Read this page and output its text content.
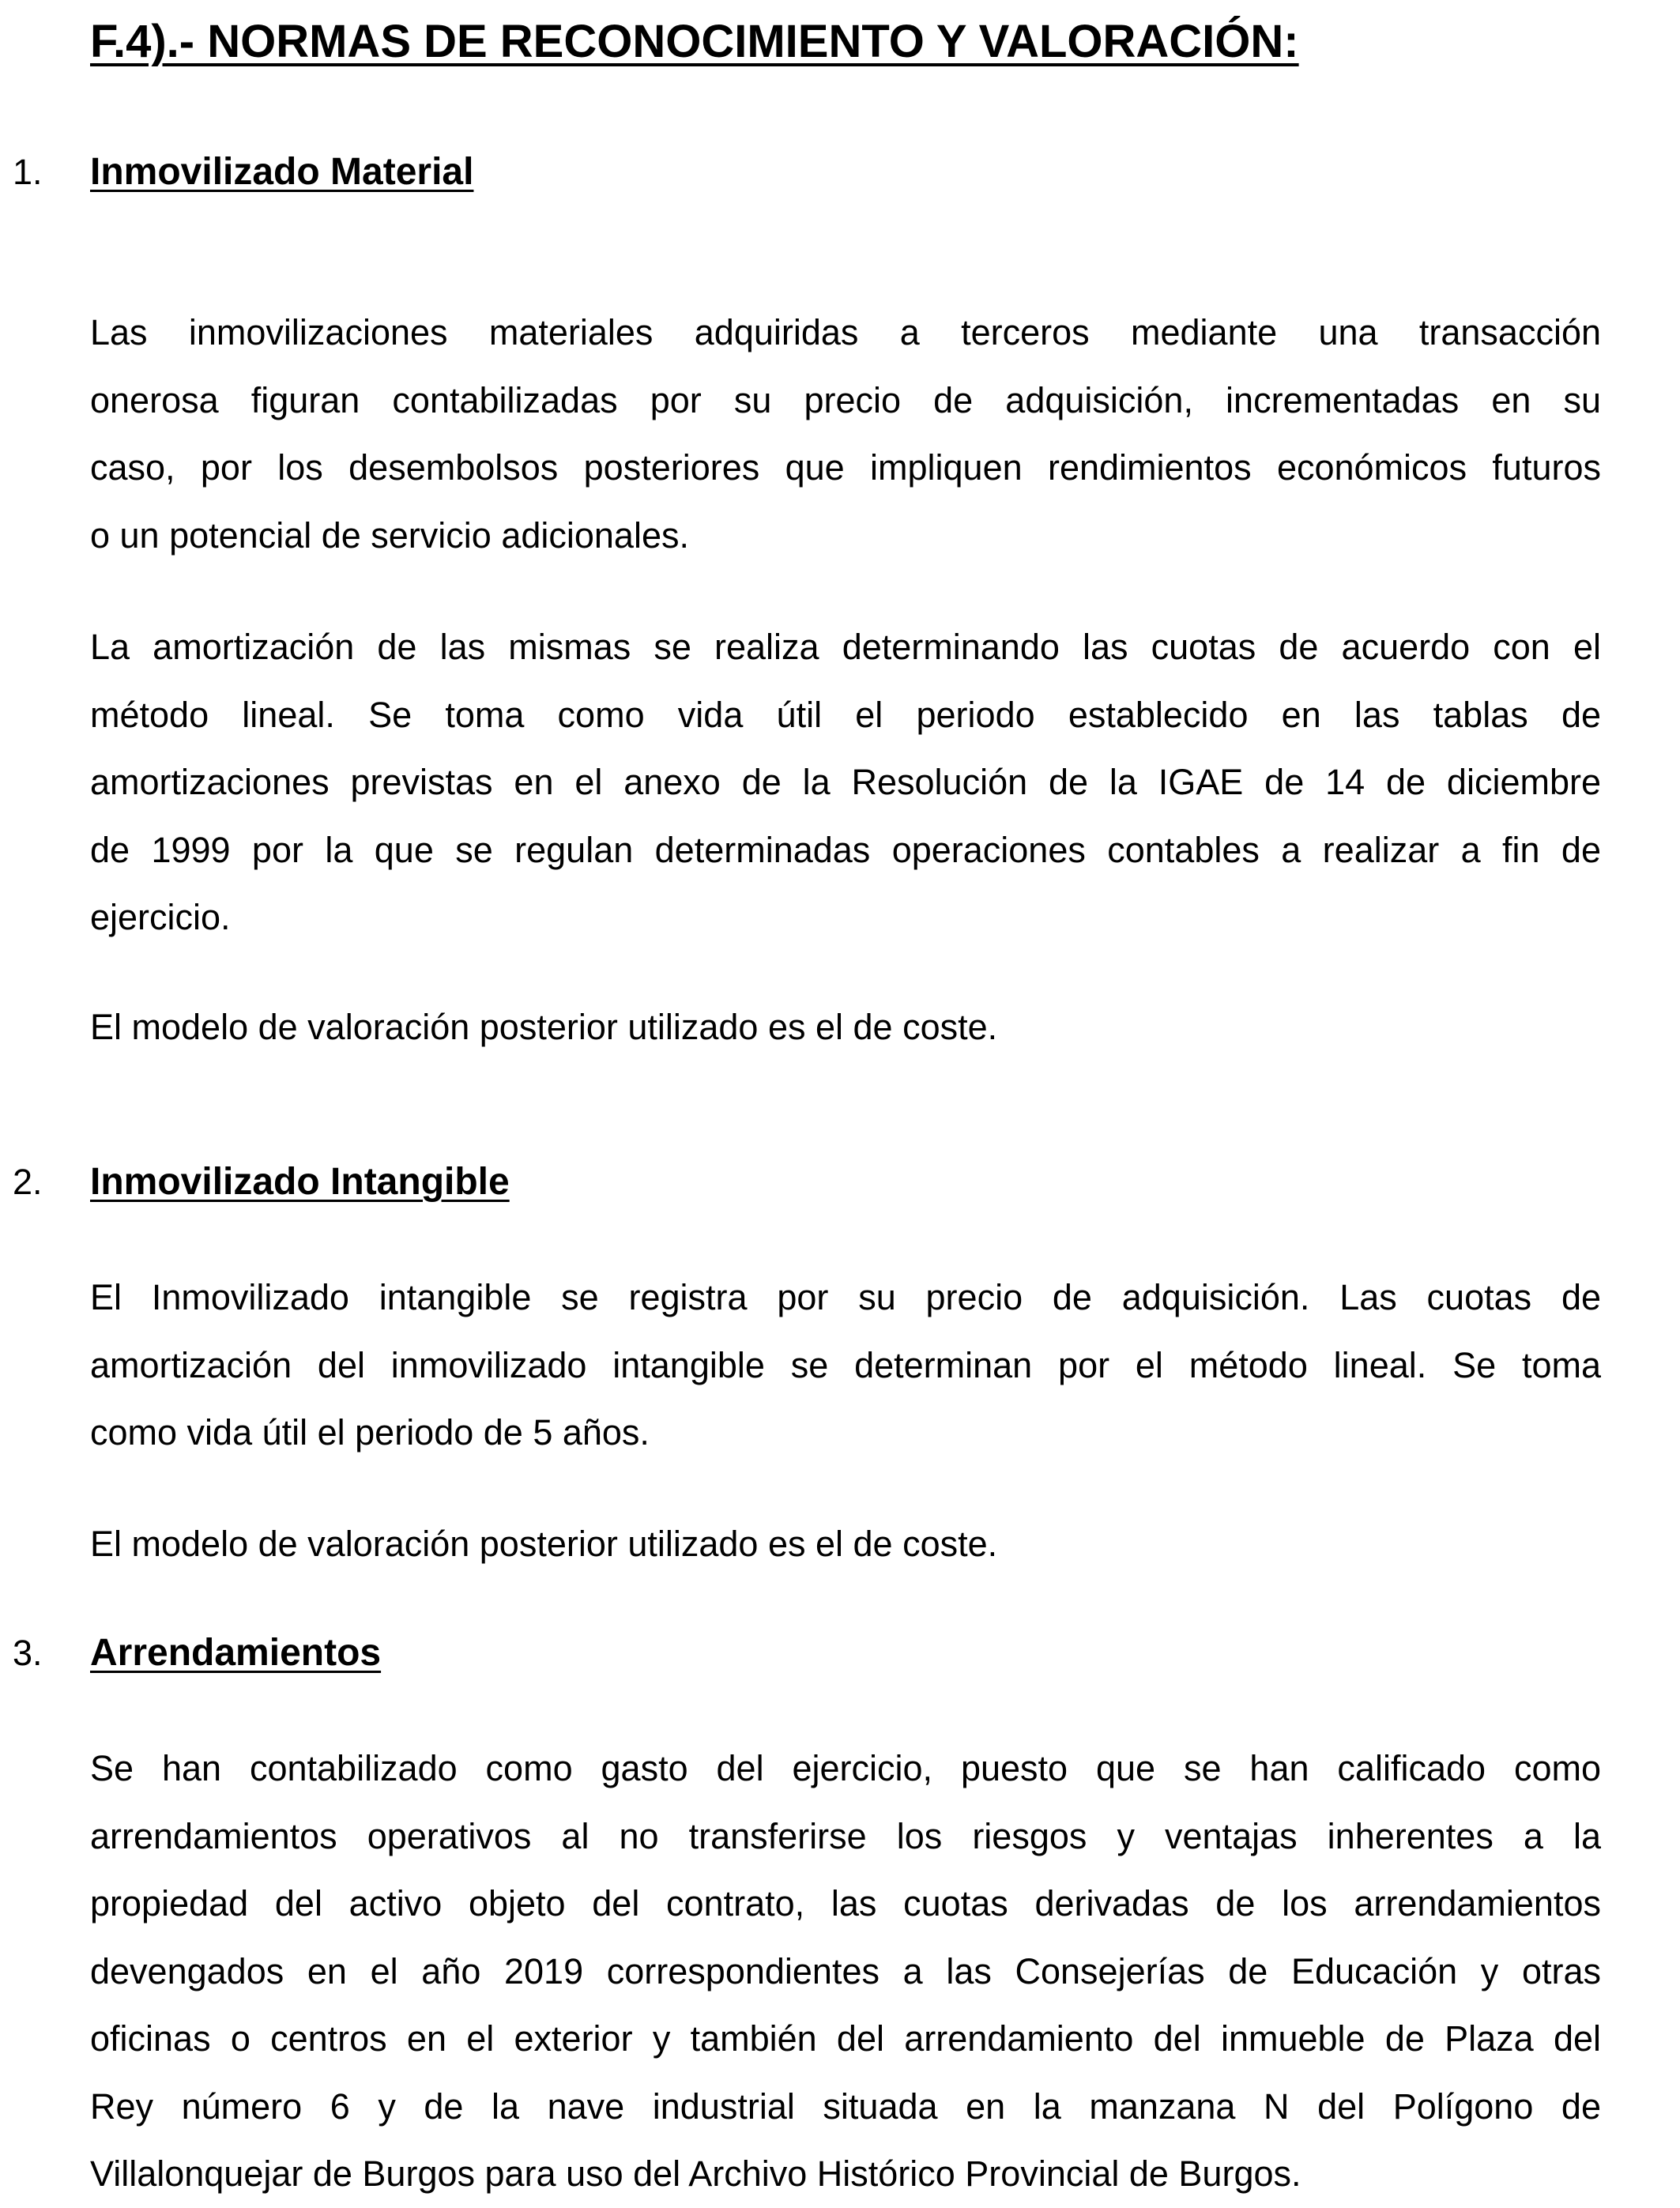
F.4).- NORMAS DE RECONOCIMIENTO Y VALORACIÓN:
1. Inmovilizado Material
Las inmovilizaciones materiales adquiridas a terceros mediante una transacción
onerosa figuran contabilizadas por su precio de adquisición, incrementadas en su
caso, por los desembolsos posteriores que impliquen rendimientos económicos futuros
o un potencial de servicio adicionales.
La amortización de las mismas se realiza determinando las cuotas de acuerdo con el
método lineal. Se toma como vida útil el periodo establecido en las tablas de
amortizaciones previstas en el anexo de la Resolución de la IGAE de 14 de diciembre
de 1999 por la que se regulan determinadas operaciones contables a realizar a fin de
ejercicio.
El modelo de valoración posterior utilizado es el de coste.
2. Inmovilizado Intangible
El Inmovilizado intangible se registra por su precio de adquisición. Las cuotas de
amortización del inmovilizado intangible se determinan por el método lineal. Se toma
como vida útil el periodo de 5 años.
El modelo de valoración posterior utilizado es el de coste.
3. Arrendamientos
Se han contabilizado como gasto del ejercicio, puesto que se han calificado como
arrendamientos operativos al no transferirse los riesgos y ventajas inherentes a la
propiedad del activo objeto del contrato, las cuotas derivadas de los arrendamientos
devengados en el año 2019 correspondientes a las Consejerías de Educación y otras
oficinas o centros en el exterior y también del arrendamiento del inmueble de Plaza del
Rey número 6 y de la nave industrial situada en la manzana N del Polígono de
Villalonquejar de Burgos para uso del Archivo Histórico Provincial de Burgos.
